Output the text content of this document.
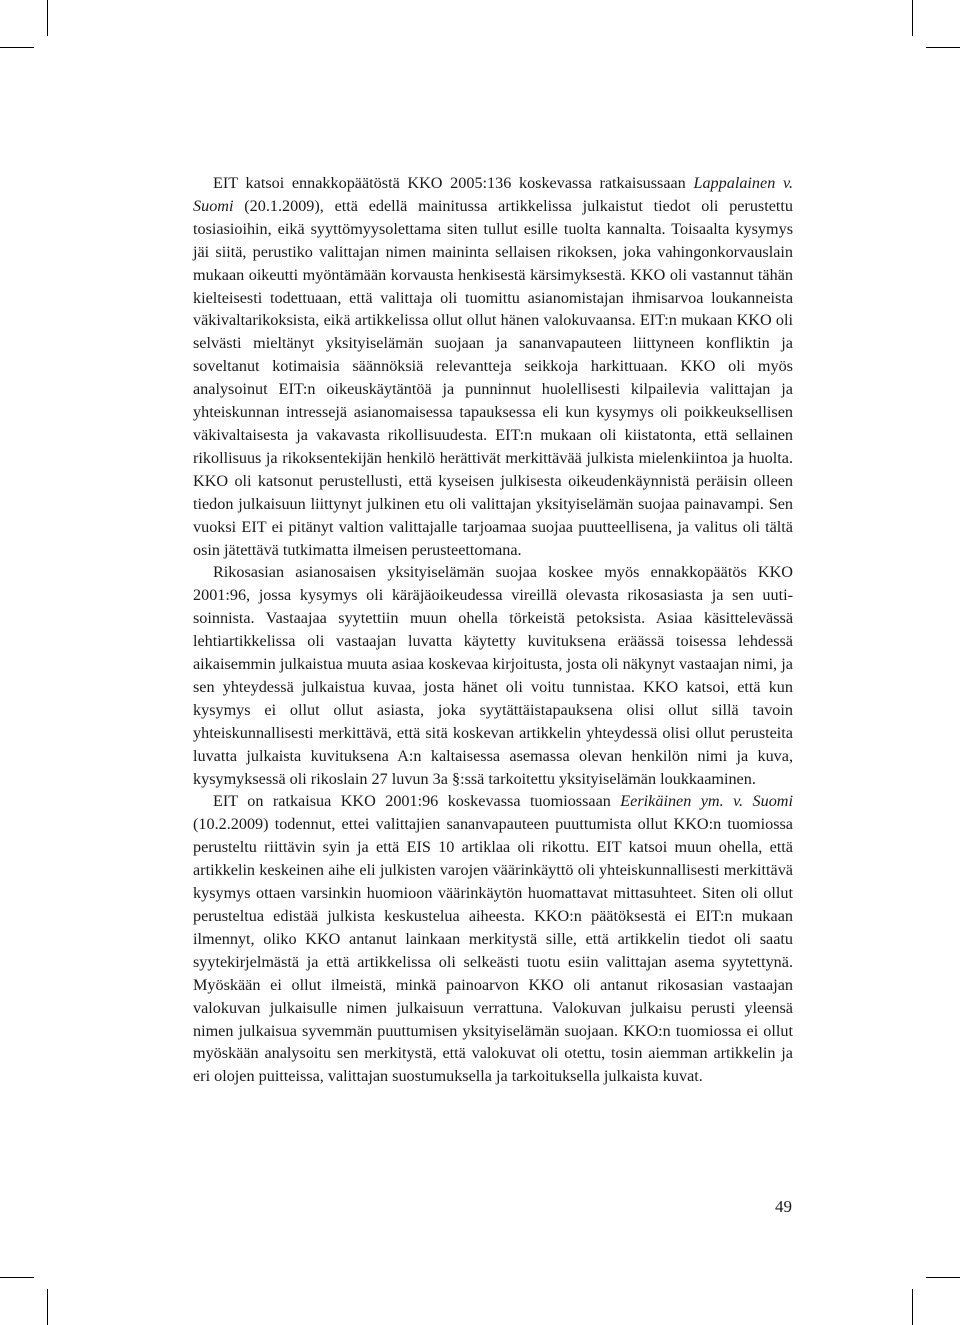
EIT katsoi ennakkopäätöstä KKO 2005:136 koskevassa ratkaisussaan Lappalainen v. Suomi (20.1.2009), että edellä mainitussa artikkelissa julkaistut tiedot oli perustettu tosiasioihin, eikä syyttömyysolettama siten tullut esille tuolta kannalta. Toisaalta kysymys jäi siitä, perustiko valittajan nimen maininta sellaisen rikoksen, joka vahingonkorvauslain mukaan oikeutti myöntämään korvausta henkisestä kärsimyksestä. KKO oli vastannut tähän kielteisesti todettuaan, että valittaja oli tuomittu asianomistajan ihmisarvoa loukanneista väkivaltarikoksista, eikä artikkelissa ollut ollut hänen valokuvaansa. EIT:n mukaan KKO oli selvästi mieltänyt yksityiselämän suojaan ja sananvapauteen liittyneen konfliktin ja soveltanut kotimaisia säännöksiä relevantteja seikkoja harkittuaan. KKO oli myös analysoinut EIT:n oikeuskäytäntöä ja punninnut huolellisesti kilpailevia valittajan ja yhteiskunnan intressejä asianomaisessa tapauksessa eli kun kysymys oli poikkeuksellisen väkivaltaisesta ja vakavasta rikollisuudesta. EIT:n mukaan oli kiistatonta, että sellainen rikollisuus ja rikoksentekijän henkilö herättivät merkittävää julkista mielenkiintoa ja huolta. KKO oli katsonut perustellusti, että kyseisen julkisesta oikeudenkäynnistä peräisin olleen tiedon julkaisuun liittynyt julkinen etu oli valittajan yksityiselämän suojaa painavampi. Sen vuoksi EIT ei pitänyt valtion valittajalle tarjoamaa suojaa puutteellisena, ja valitus oli tältä osin jätettävä tutkimatta ilmeisen perusteettomana.

Rikosasian asianosaisen yksityiselämän suojaa koskee myös ennakkopäätös KKO 2001:96, jossa kysymys oli käräjäoikeudessa vireillä olevasta rikosasiasta ja sen uutisoinnista. Vastaajaa syytettiin muun ohella törkeistä petoksista. Asiaa käsittelevässä lehtiartikkelissa oli vastaajan luvatta käytetty kuvituksena eräässä toisessa lehdessä aikaisemmin julkaistua muuta asiaa koskevaa kirjoitusta, josta oli näkynyt vastaajan nimi, ja sen yhteydessä julkaistua kuvaa, josta hänet oli voitu tunnistaa. KKO katsoi, että kun kysymys ei ollut ollut asiasta, joka syytättäistapauksena olisi ollut sillä tavoin yhteiskunnallisesti merkittävä, että sitä koskevan artikkelin yhteydessä olisi ollut perusteita luvatta julkaista kuvituksena A:n kaltaisessa asemassa olevan henkilön nimi ja kuva, kysymyksessä oli rikoslain 27 luvun 3a §:ssä tarkoitettu yksityiselämän loukkaaminen.

EIT on ratkaisua KKO 2001:96 koskevassa tuomiossaan Eerikäinen ym. v. Suomi (10.2.2009) todennut, ettei valittajien sananvapauteen puuttumista ollut KKO:n tuomiossa perusteltu riittävin syin ja että EIS 10 artiklaa oli rikottu. EIT katsoi muun ohella, että artikkelin keskeinen aihe eli julkisten varojen väärinkäyttö oli yhteiskunnallisesti merkittävä kysymys ottaen varsinkin huomioon väärinkäytön huomattavat mittasuhteet. Siten oli ollut perusteltua edistää julkista keskustelua aiheesta. KKO:n päätöksestä ei EIT:n mukaan ilmennyt, oliko KKO antanut lainkaan merkitystä sille, että artikkelin tiedot oli saatu syytekirjelmästä ja että artikkelissa oli selkeästi tuotu esiin valittajan asema syytettynä. Myöskään ei ollut ilmeistä, minkä painoarvon KKO oli antanut rikosasian vastaajan valokuvan julkaisulle nimen julkaisuun verrattuna. Valokuvan julkaisu perusti yleensä nimen julkaisua syvemmän puuttumisen yksityiselämän suojaan. KKO:n tuomiossa ei ollut myöskään analysoitu sen merkitystä, että valokuvat oli otettu, tosin aiemman artikkelin ja eri olojen puitteissa, valittajan suostumuksella ja tarkoituksella julkaista kuvat.

49
